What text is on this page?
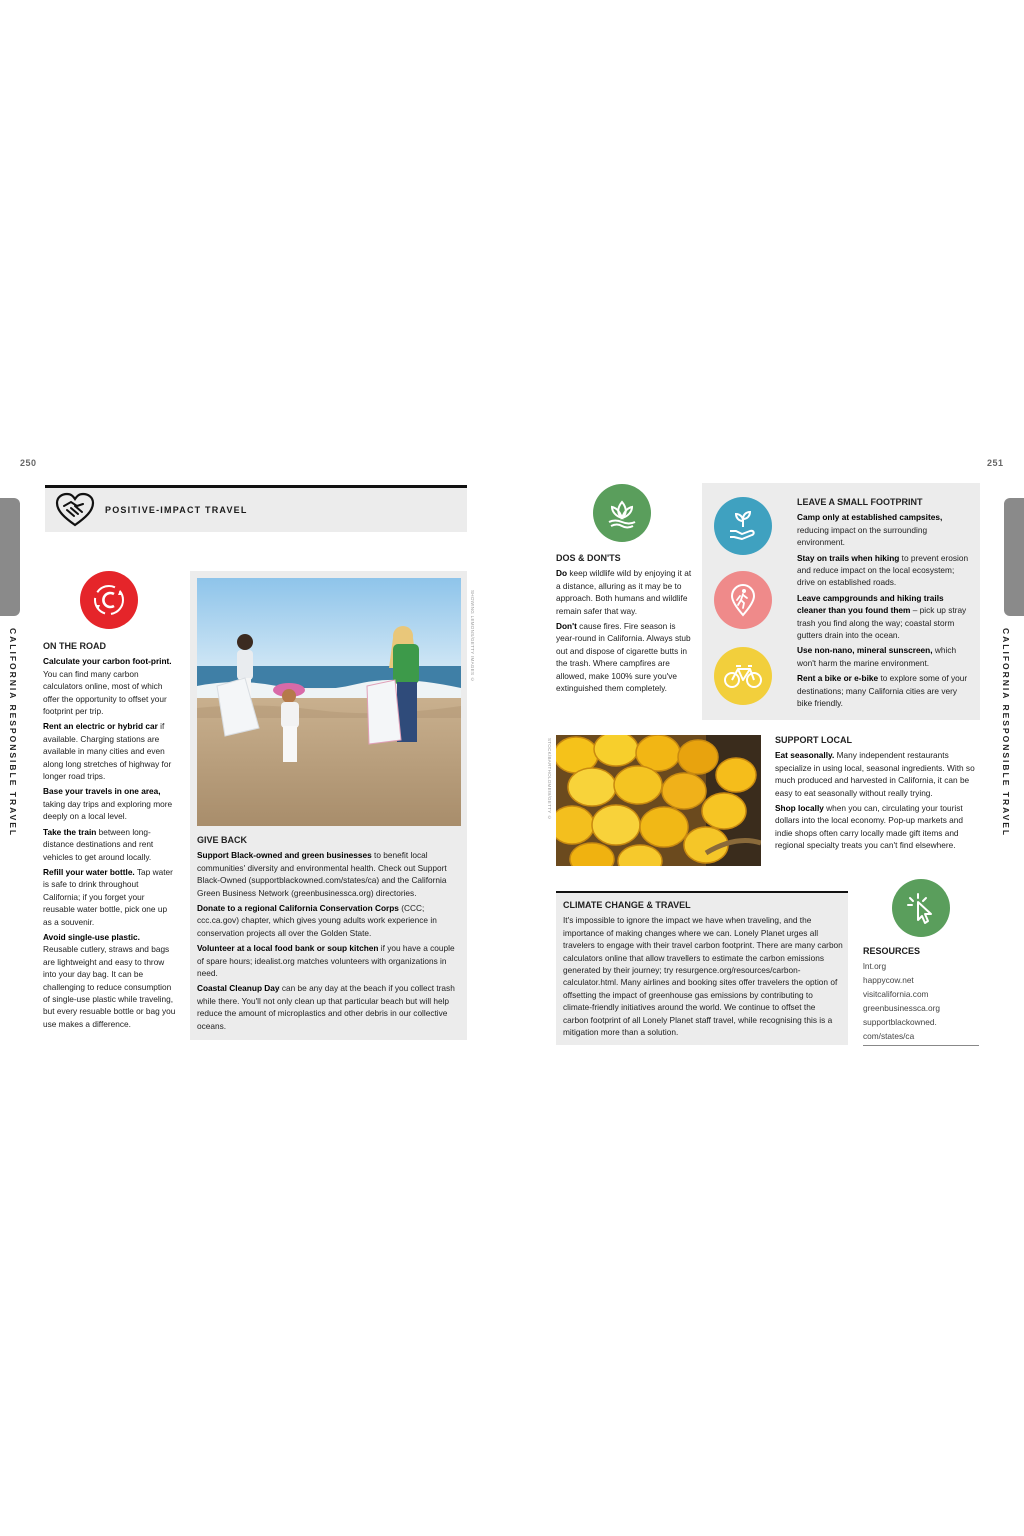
250	251
CALIFORNIA RESPONSIBLE TRAVEL	CALIFORNIA RESPONSIBLE TRAVEL
POSITIVE-IMPACT TRAVEL
ON THE ROAD

Calculate your carbon foot-print. You can find many carbon calculators online, most of which offer the opportunity to offset your footprint per trip.

Rent an electric or hybrid car if available. Charging stations are available in many cities and even along long stretches of highway for longer road trips.

Base your travels in one area, taking day trips and exploring more deeply on a local level.

Take the train between long-distance destinations and rent vehicles to get around locally.

Refill your water bottle. Tap water is safe to drink throughout California; if you forget your reusable water bottle, pick one up as a souvenir.

Avoid single-use plastic. Reusable cutlery, straws and bags are lightweight and easy to throw into your day bag. It can be challenging to reduce consumption of single-use plastic while traveling, but every resuable bottle or bag you use makes a difference.

SHOWING LEMONS/GETTY IMAGES ©
GIVE BACK

Support Black-owned and green businesses to benefit local communities' diversity and environmental health. Check out Support Black-Owned (supportblackowned.com/states/ca) and the California Green Business Network (greenbusinessca.org) directories.

Donate to a regional California Conservation Corps (CCC; ccc.ca.gov) chapter, which gives young adults work experience in conservation projects all over the Golden State.

Volunteer at a local food bank or soup kitchen if you have a couple of spare hours; idealist.org matches volunteers with organizations in need.

Coastal Cleanup Day can be any day at the beach if you collect trash while there. You'll not only clean up that particular beach but will help reduce the amount of microplastics and other debris in our collective oceans.

DOS & DON'TS

Do keep wildlife wild by enjoying it at a distance, alluring as it may be to approach. Both humans and wildlife remain safer that way.

Don't cause fires. Fire season is year-round in California. Always stub out and dispose of cigarette butts in the trash. Where campfires are allowed, make 100% sure you've extinguished them completely.

LEAVE A SMALL FOOTPRINT

Camp only at established campsites, reducing impact on the surrounding environment.

Stay on trails when hiking to prevent erosion and reduce impact on the local ecosystem; drive on established roads.

Leave campgrounds and hiking trails cleaner than you found them – pick up stray trash you find along the way; coastal storm gutters drain into the ocean.

Use non-nano, mineral sunscreen, which won't harm the marine environment.

Rent a bike or e-bike to explore some of your destinations; many California cities are very bike friendly.

STOCK/BARTHOLOMEW/GETTY ©	SUPPORT LOCAL

Eat seasonally. Many independent restaurants specialize in using local, seasonal ingredients. With so much produced and harvested in California, it can be easy to eat seasonally without really trying.

Shop locally when you can, circulating your tourist dollars into the local economy. Pop-up markets and indie shops often carry locally made gift items and regional specialty treats you can't find elsewhere.

CLIMATE CHANGE & TRAVEL

It's impossible to ignore the impact we have when traveling, and the importance of making changes where we can. Lonely Planet urges all travelers to engage with their travel carbon footprint. There are many carbon calculators online that allow travellers to estimate the carbon emissions generated by their journey; try resurgence.org/resources/carbon-calculator.html. Many airlines and booking sites offer travelers the option of offsetting the impact of greenhouse gas emissions by contributing to climate-friendly initiatives around the world. We continue to offset the carbon footprint of all Lonely Planet staff travel, while recognising this is a mitigation more than a solution.

RESOURCES
lnt.org
happycow.net
visitcalifornia.com
greenbusinessca.org
supportblackowned.
com/states/ca
